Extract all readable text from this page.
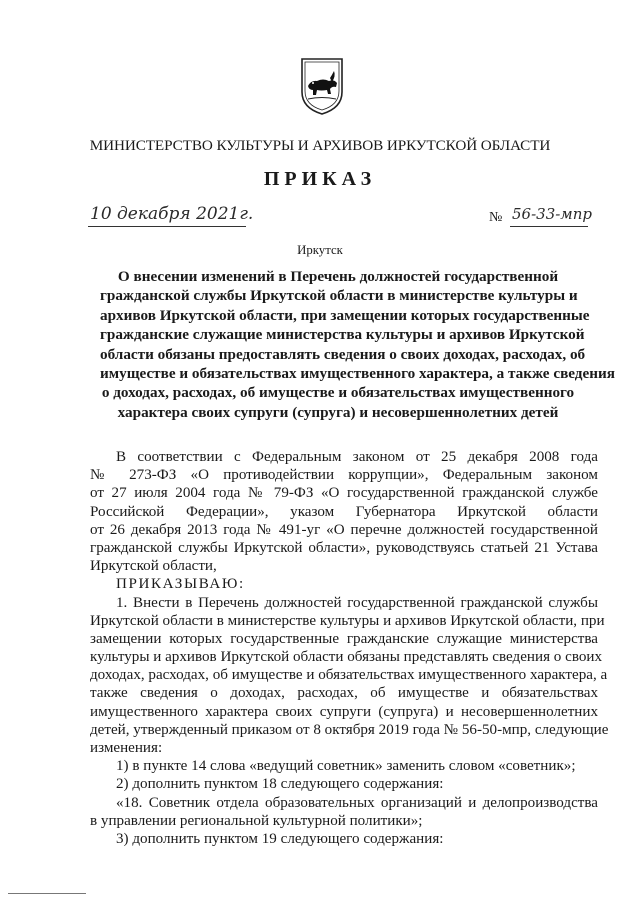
МИНИСТЕРСТВО КУЛЬТУРЫ И АРХИВОВ ИРКУТСКОЙ ОБЛАСТИ
ПРИКАЗ
10 декабря 2021г.	№ 56-33-мпр
Иркутск
О внесении изменений в Перечень должностей государственной
гражданской службы Иркутской области в министерстве культуры и
архивов Иркутской области, при замещении которых государственные
гражданские служащие министерства культуры и архивов Иркутской
области обязаны предоставлять сведения о своих доходах, расходах, об
имуществе и обязательствах имущественного характера, а также сведения
о доходах, расходах, об имуществе и обязательствах имущественного
характера своих супруги (супруга) и несовершеннолетних детей
В соответствии с Федеральным законом от 25 декабря 2008 года
№ 273-ФЗ «О противодействии коррупции», Федеральным законом
от 27 июля 2004 года № 79-ФЗ «О государственной гражданской службе
Российской Федерации», указом Губернатора Иркутской области
от 26 декабря 2013 года № 491-уг «О перечне должностей государственной
гражданской службы Иркутской области», руководствуясь статьей 21 Устава
Иркутской области,
ПРИКАЗЫВАЮ:
1. Внести в Перечень должностей государственной гражданской службы
Иркутской области в министерстве культуры и архивов Иркутской области, при
замещении которых государственные гражданские служащие министерства
культуры и архивов Иркутской области обязаны представлять сведения о своих
доходах, расходах, об имуществе и обязательствах имущественного характера, а
также сведения о доходах, расходах, об имуществе и обязательствах
имущественного характера своих супруги (супруга) и несовершеннолетних
детей, утвержденный приказом от 8 октября 2019 года № 56-50-мпр, следующие
изменения:
1) в пункте 14 слова «ведущий советник» заменить словом «советник»;
2) дополнить пунктом 18 следующего содержания:
«18. Советник отдела образовательных организаций и делопроизводства
в управлении региональной культурной политики»;
3) дополнить пунктом 19 следующего содержания:
